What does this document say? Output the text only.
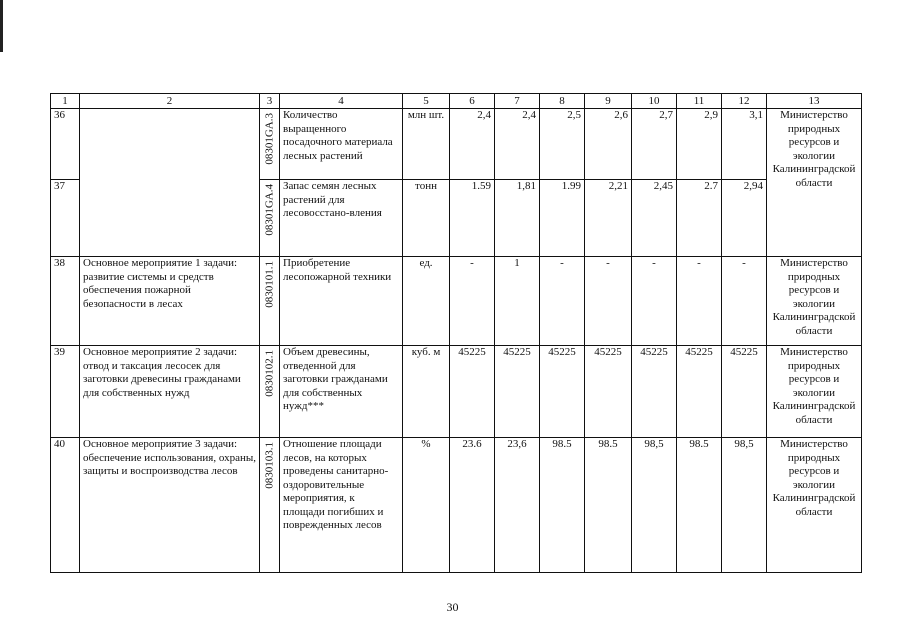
1	2	3	4	5	6	7	8	9	10	11	12	13
36		08301GA.3	Количество выращенного посадочного материала лесных растений	млн шт.	2,4	2,4	2,5	2,6	2,7	2,9	3,1	Министерство природных ресурсов и экологии Калининградской области
37		08301GA.4	Запас семян лесных растений для лесовосстано-вления	тонн	1.59	1,81	1.99	2,21	2,45	2.7	2,94	
38	Основное мероприятие 1 задачи: развитие системы и средств обеспечения пожарной безопасности в лесах	0830101.1	Приобретение лесопожарной техники	ед.	-	1	-	-	-	-	-	Министерство природных ресурсов и экологии Калининградской области
39	Основное мероприятие 2 задачи: отвод и таксация лесосек для заготовки древесины гражданами для собственных нужд	0830102.1	Объем древесины, отведенной для заготовки гражданами для собственных нужд***	куб. м	45225	45225	45225	45225	45225	45225	45225	Министерство природных ресурсов и экологии Калининградской области
40	Основное мероприятие 3 задачи: обеспечение использования, охраны, защиты и воспроизводства лесов	0830103.1	Отношение площади лесов, на которых проведены санитарно-оздоровительные мероприятия, к площади погибших и поврежденных лесов	%	23.6	23,6	98.5	98.5	98,5	98.5	98,5	Министерство природных ресурсов и экологии Калининградской области
30
